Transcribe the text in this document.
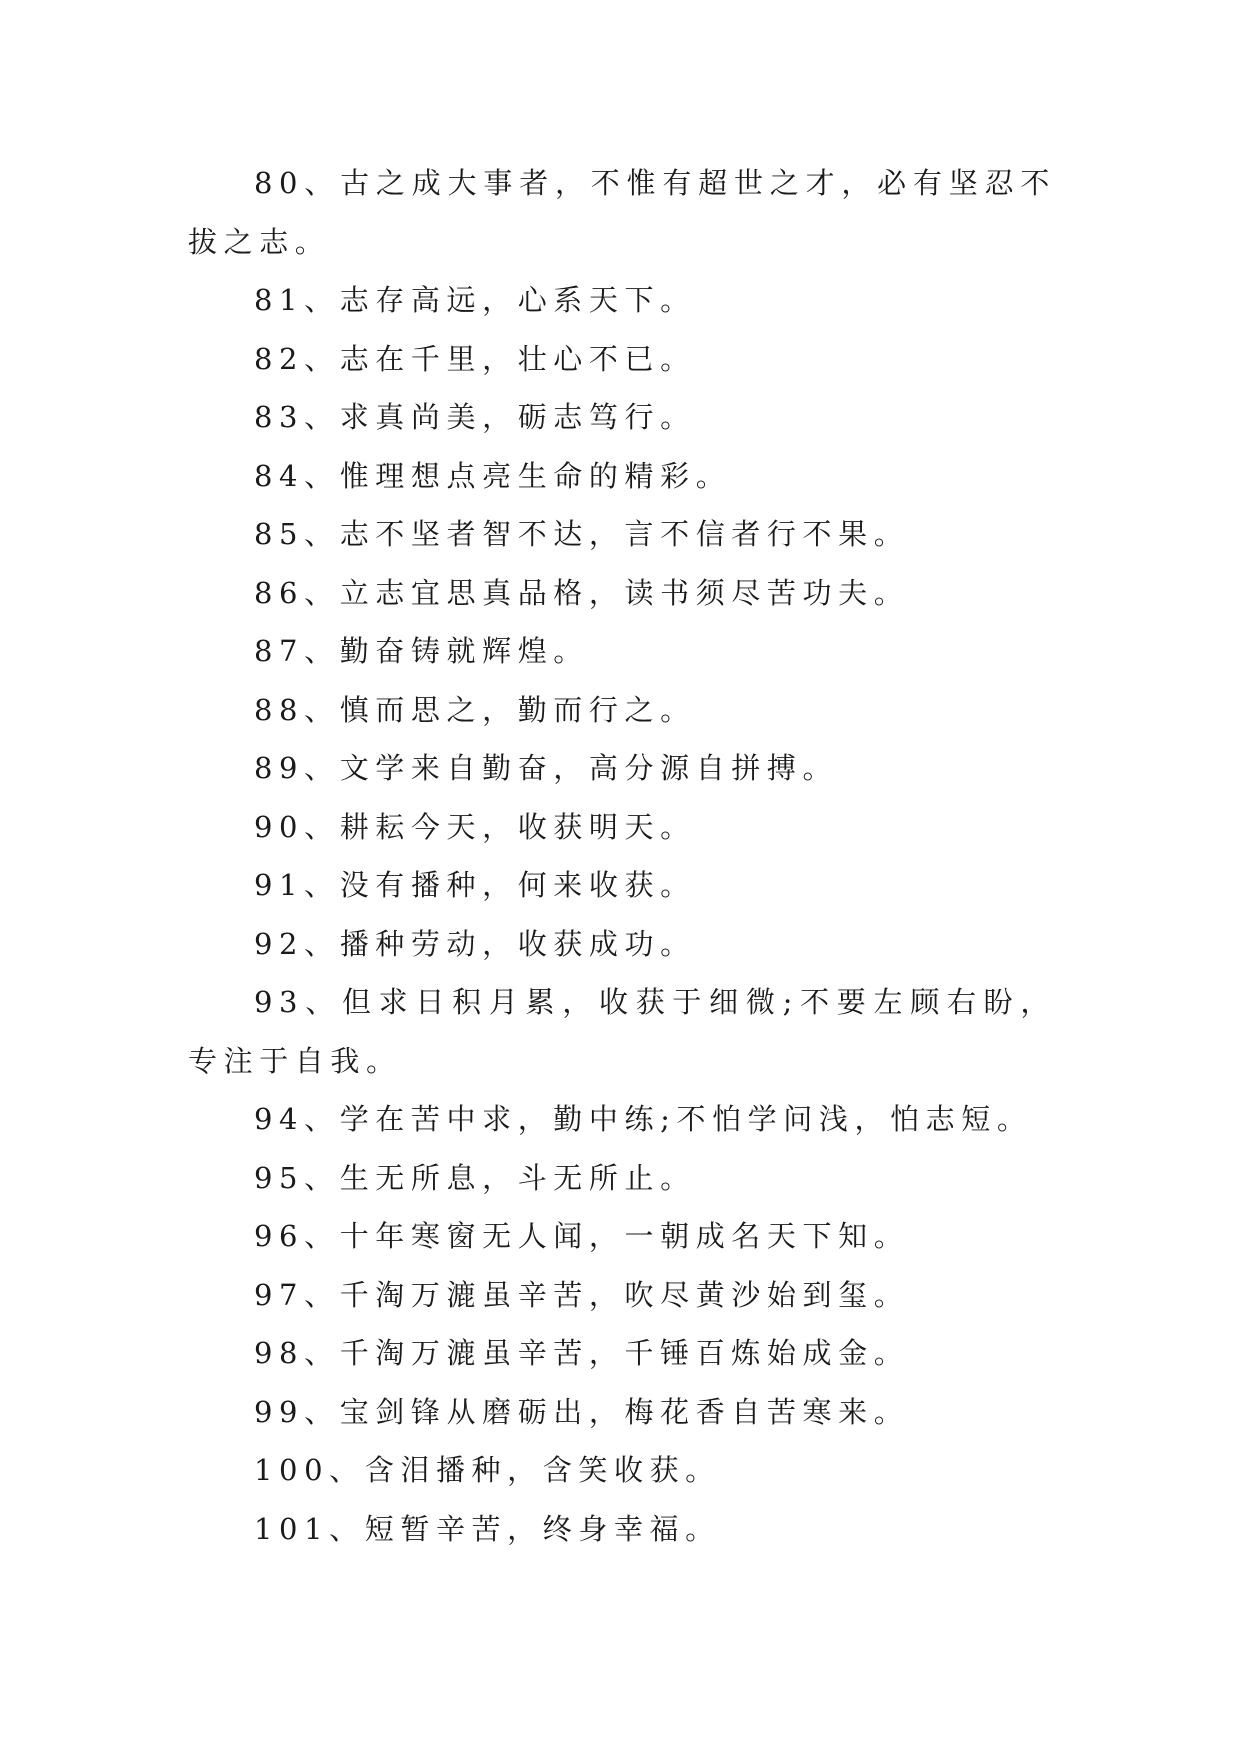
80、古之成大事者，不惟有超世之才，必有坚忍不拔之志。

81、志存高远，心系天下。

82、志在千里，壮心不已。

83、求真尚美，砺志笃行。

84、惟理想点亮生命的精彩。

85、志不坚者智不达，言不信者行不果。

86、立志宜思真品格，读书须尽苦功夫。

87、勤奋铸就辉煌。

88、慎而思之，勤而行之。

89、文学来自勤奋，高分源自拼搏。

90、耕耘今天，收获明天。

91、没有播种，何来收获。

92、播种劳动，收获成功。

93、但求日积月累，收获于细微;不要左顾右盼，专注于自我。

94、学在苦中求，勤中练;不怕学问浅，怕志短。

95、生无所息，斗无所止。

96、十年寒窗无人闻，一朝成名天下知。

97、千淘万漉虽辛苦，吹尽黄沙始到玺。

98、千淘万漉虽辛苦，千锤百炼始成金。

99、宝剑锋从磨砺出，梅花香自苦寒来。

100、含泪播种，含笑收获。

101、短暂辛苦，终身幸福。
